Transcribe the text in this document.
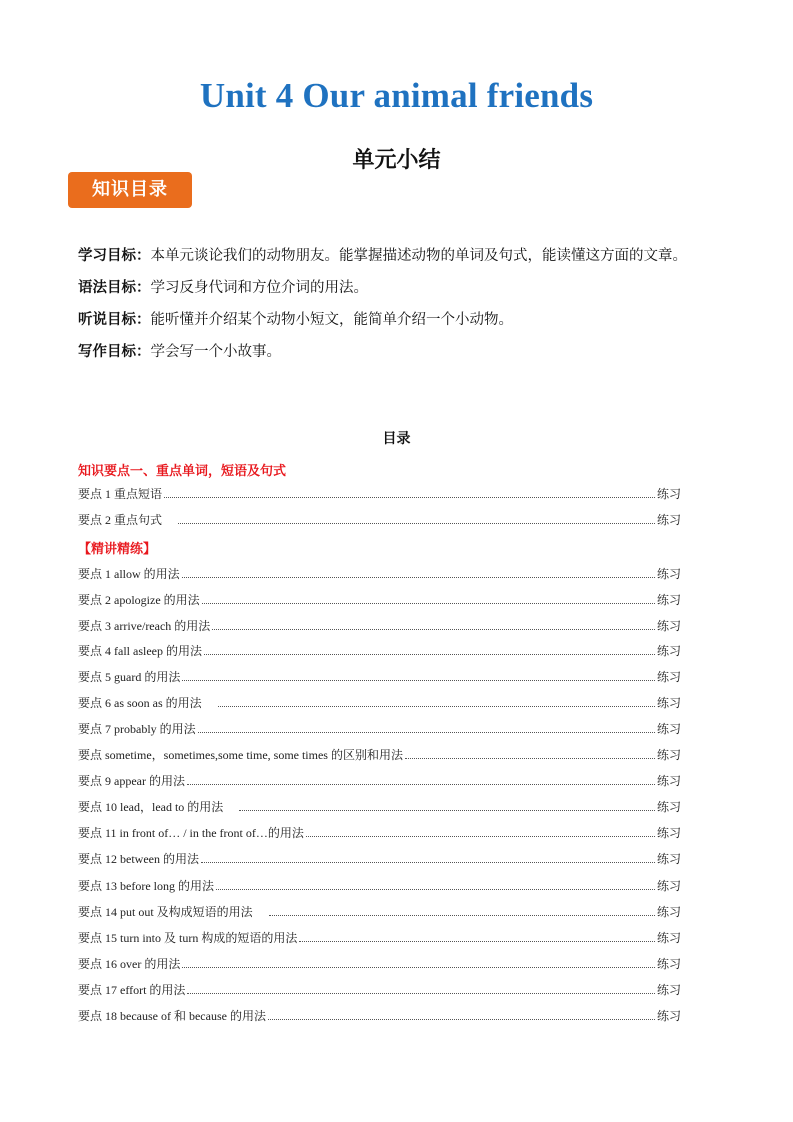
Unit 4 Our animal friends
单元小结
知识目录
学习目标：本单元谈论我们的动物朋友。能掌握描述动物的单词及句式，能读懂这方面的文章。
语法目标：学习反身代词和方位介词的用法。
听说目标：能听懂并介绍某个动物小短文，能简单介绍一个小动物。
写作目标：学会写一个小故事。
目录
知识要点一、重点单词，短语及句式
要点 1 重点短语	练习
要点 2 重点句式	练习
【精讲精练】
要点 1 allow 的用法	练习
要点 2 apologize 的用法	练习
要点 3 arrive/reach 的用法	练习
要点 4 fall asleep 的用法	练习
要点 5 guard 的用法	练习
要点 6 as soon as 的用法	练习
要点 7 probably 的用法	练习
要点 sometime，sometimes,some time, some times 的区别和用法	练习
要点 9 appear 的用法	练习
要点 10 lead，lead to 的用法	练习
要点 11 in front of… / in the front of…的用法	练习
要点 12 between 的用法	练习
要点 13 before long 的用法	练习
要点 14 put out 及构成短语的用法	练习
要点 15 turn into 及 turn 构成的短语的用法	练习
要点 16 over 的用法	练习
要点 17 effort 的用法	练习
要点 18 because of 和 because 的用法	练习
